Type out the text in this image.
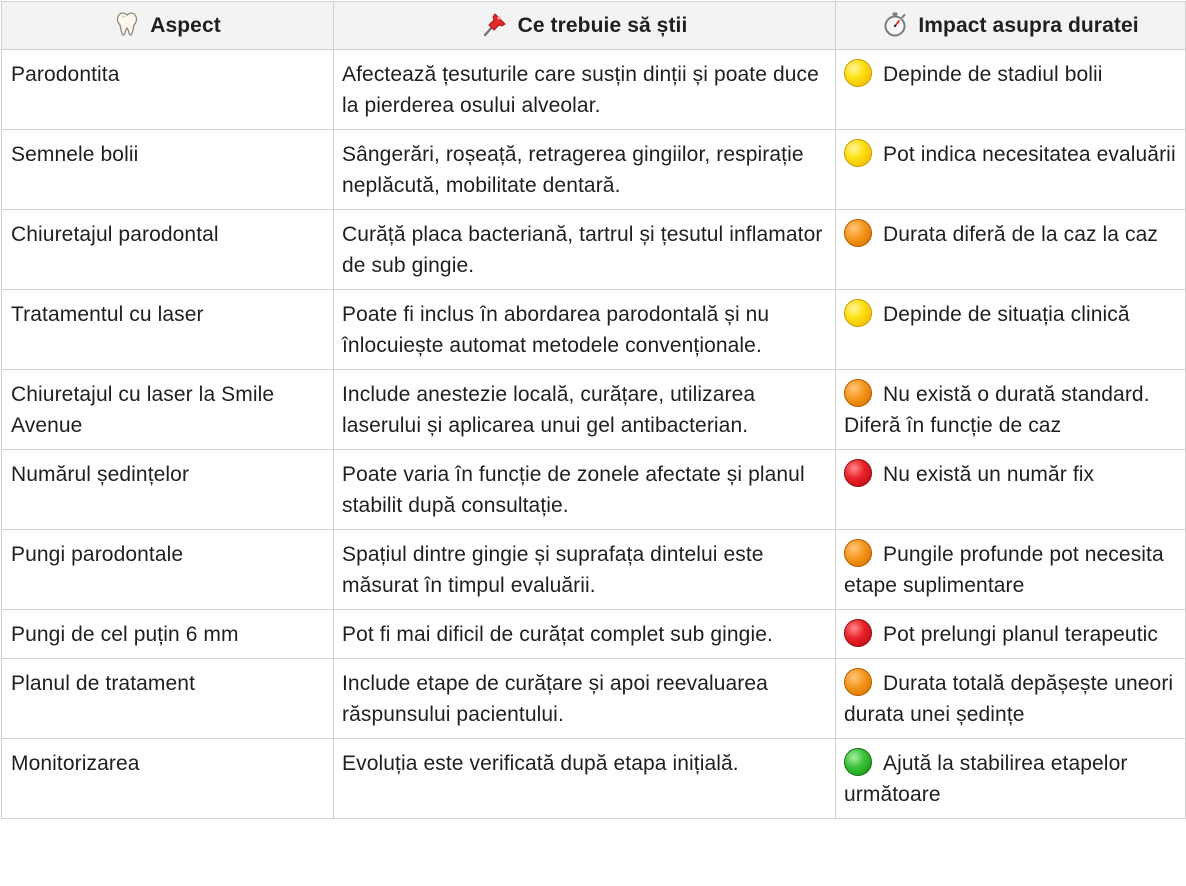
Aspect	Ce trebuie să știi	Impact asupra duratei
Parodontita	Afectează țesuturile care susțin dinții și poate duce la pierderea osului alveolar.	Depinde de stadiul bolii
Semnele bolii	Sângerări, roșeață, retragerea gingiilor, respirație neplăcută, mobilitate dentară.	Pot indica necesitatea evaluării
Chiuretajul parodontal	Curăță placa bacteriană, tartrul și țesutul inflamator de sub gingie.	Durata diferă de la caz la caz
Tratamentul cu laser	Poate fi inclus în abordarea parodontală și nu înlocuiește automat metodele convenționale.	Depinde de situația clinică
Chiuretajul cu laser la Smile Avenue	Include anestezie locală, curățare, utilizarea laserului și aplicarea unui gel antibacterian.	Nu există o durată standard. Diferă în funcție de caz
Numărul ședințelor	Poate varia în funcție de zonele afectate și planul stabilit după consultație.	Nu există un număr fix
Pungi parodontale	Spațiul dintre gingie și suprafața dintelui este măsurat în timpul evaluării.	Pungile profunde pot necesita etape suplimentare
Pungi de cel puțin 6 mm	Pot fi mai dificil de curățat complet sub gingie.	Pot prelungi planul terapeutic
Planul de tratament	Include etape de curățare și apoi reevaluarea răspunsului pacientului.	Durata totală depășește uneori durata unei ședințe
Monitorizarea	Evoluția este verificată după etapa inițială.	Ajută la stabilirea etapelor următoare
